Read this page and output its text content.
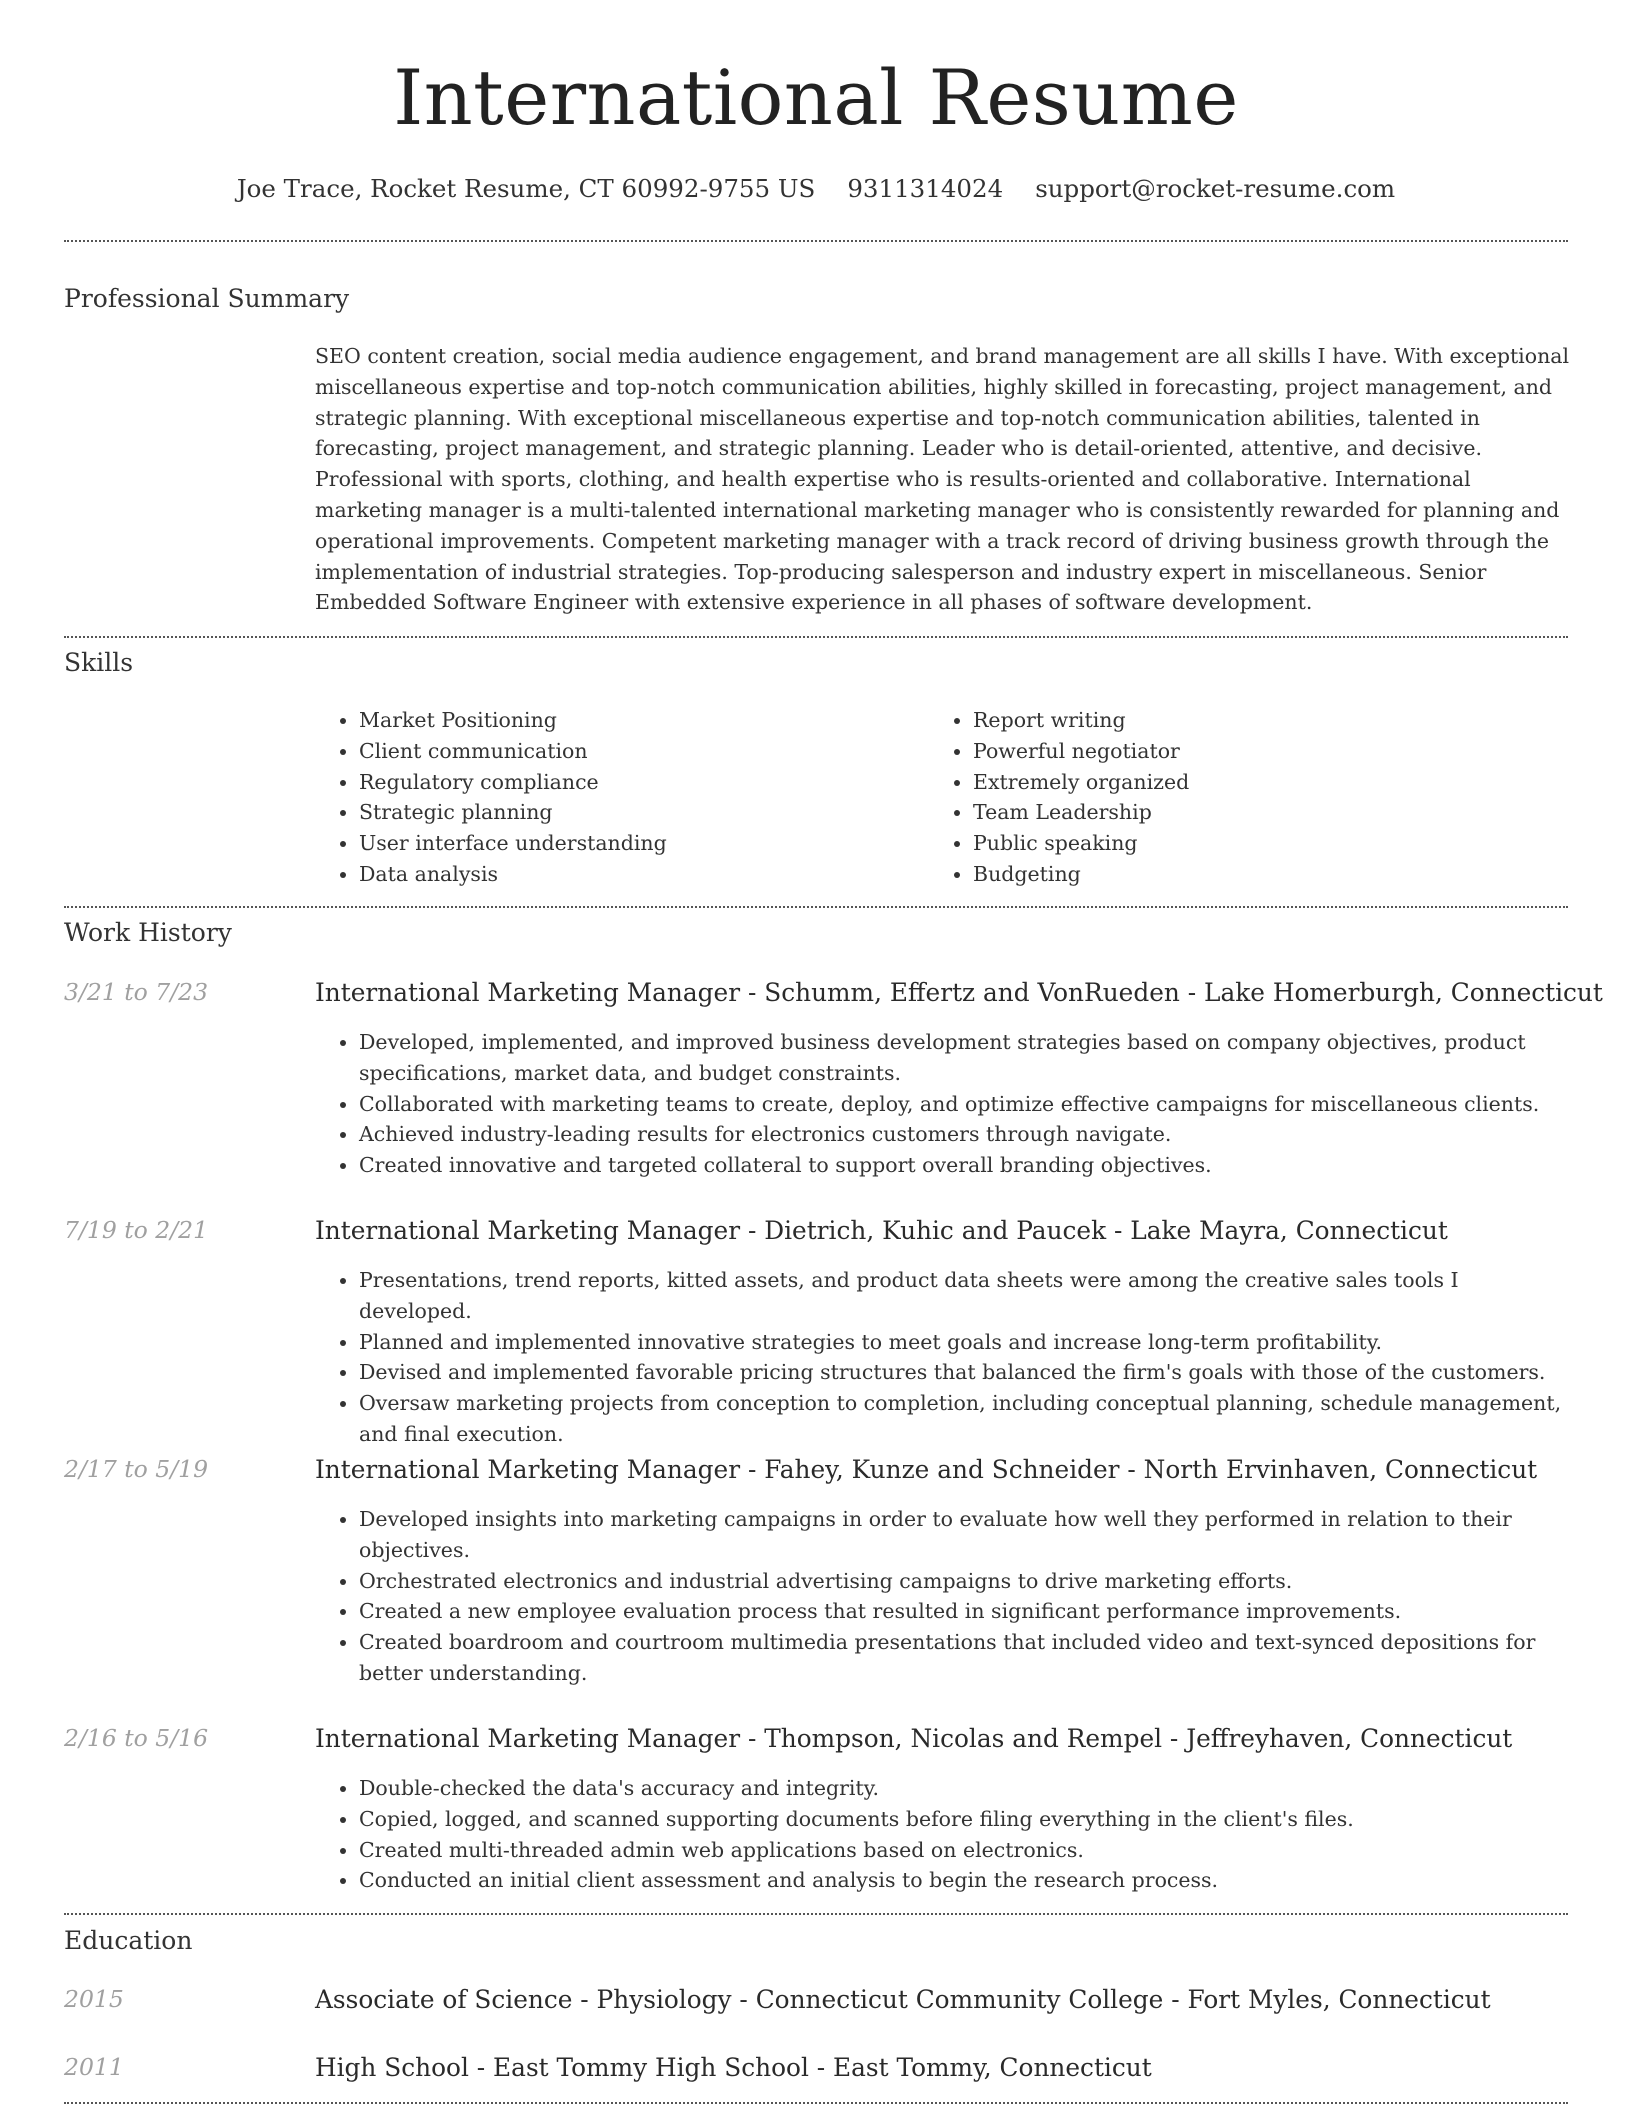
International Resume
Joe Trace, Rocket Resume, CT 60992-9755 US 9311314024 support@rocket-resume.com
Professional Summary

SEO content creation, social media audience engagement, and brand management are all skills I have. With exceptional miscellaneous expertise and top-notch communication abilities, highly skilled in forecasting, project management, and strategic planning. With exceptional miscellaneous expertise and top-notch communication abilities, talented in forecasting, project management, and strategic planning. Leader who is detail-oriented, attentive, and decisive. Professional with sports, clothing, and health expertise who is results-oriented and collaborative. International marketing manager is a multi-talented international marketing manager who is consistently rewarded for planning and operational improvements. Competent marketing manager with a track record of driving business growth through the implementation of industrial strategies. Top-producing salesperson and industry expert in miscellaneous. Senior Embedded Software Engineer with extensive experience in all phases of software development.

Skills
• Market Positioning
• Client communication
• Regulatory compliance
• Strategic planning
• User interface understanding
• Data analysis
• Report writing
• Powerful negotiator
• Extremely organized
• Team Leadership
• Public speaking
• Budgeting
Work History
3/21 to 7/23	International Marketing Manager - Schumm, Effertz and VonRueden - Lake Homerburgh, Connecticut
• Developed, implemented, and improved business development strategies based on company objectives, product specifications, market data, and budget constraints.
• Collaborated with marketing teams to create, deploy, and optimize effective campaigns for miscellaneous clients.
• Achieved industry-leading results for electronics customers through navigate.
• Created innovative and targeted collateral to support overall branding objectives.
7/19 to 2/21	International Marketing Manager - Dietrich, Kuhic and Paucek - Lake Mayra, Connecticut
• Presentations, trend reports, kitted assets, and product data sheets were among the creative sales tools I developed.
• Planned and implemented innovative strategies to meet goals and increase long-term profitability.
• Devised and implemented favorable pricing structures that balanced the firm's goals with those of the customers.
• Oversaw marketing projects from conception to completion, including conceptual planning, schedule management, and final execution.
2/17 to 5/19	International Marketing Manager - Fahey, Kunze and Schneider - North Ervinhaven, Connecticut
• Developed insights into marketing campaigns in order to evaluate how well they performed in relation to their objectives.
• Orchestrated electronics and industrial advertising campaigns to drive marketing efforts.
• Created a new employee evaluation process that resulted in significant performance improvements.
• Created boardroom and courtroom multimedia presentations that included video and text-synced depositions for better understanding.
2/16 to 5/16	International Marketing Manager - Thompson, Nicolas and Rempel - Jeffreyhaven, Connecticut
• Double-checked the data's accuracy and integrity.
• Copied, logged, and scanned supporting documents before filing everything in the client's files.
• Created multi-threaded admin web applications based on electronics.
• Conducted an initial client assessment and analysis to begin the research process.
Education
2015	Associate of Science - Physiology - Connecticut Community College - Fort Myles, Connecticut
2011	High School - East Tommy High School - East Tommy, Connecticut
